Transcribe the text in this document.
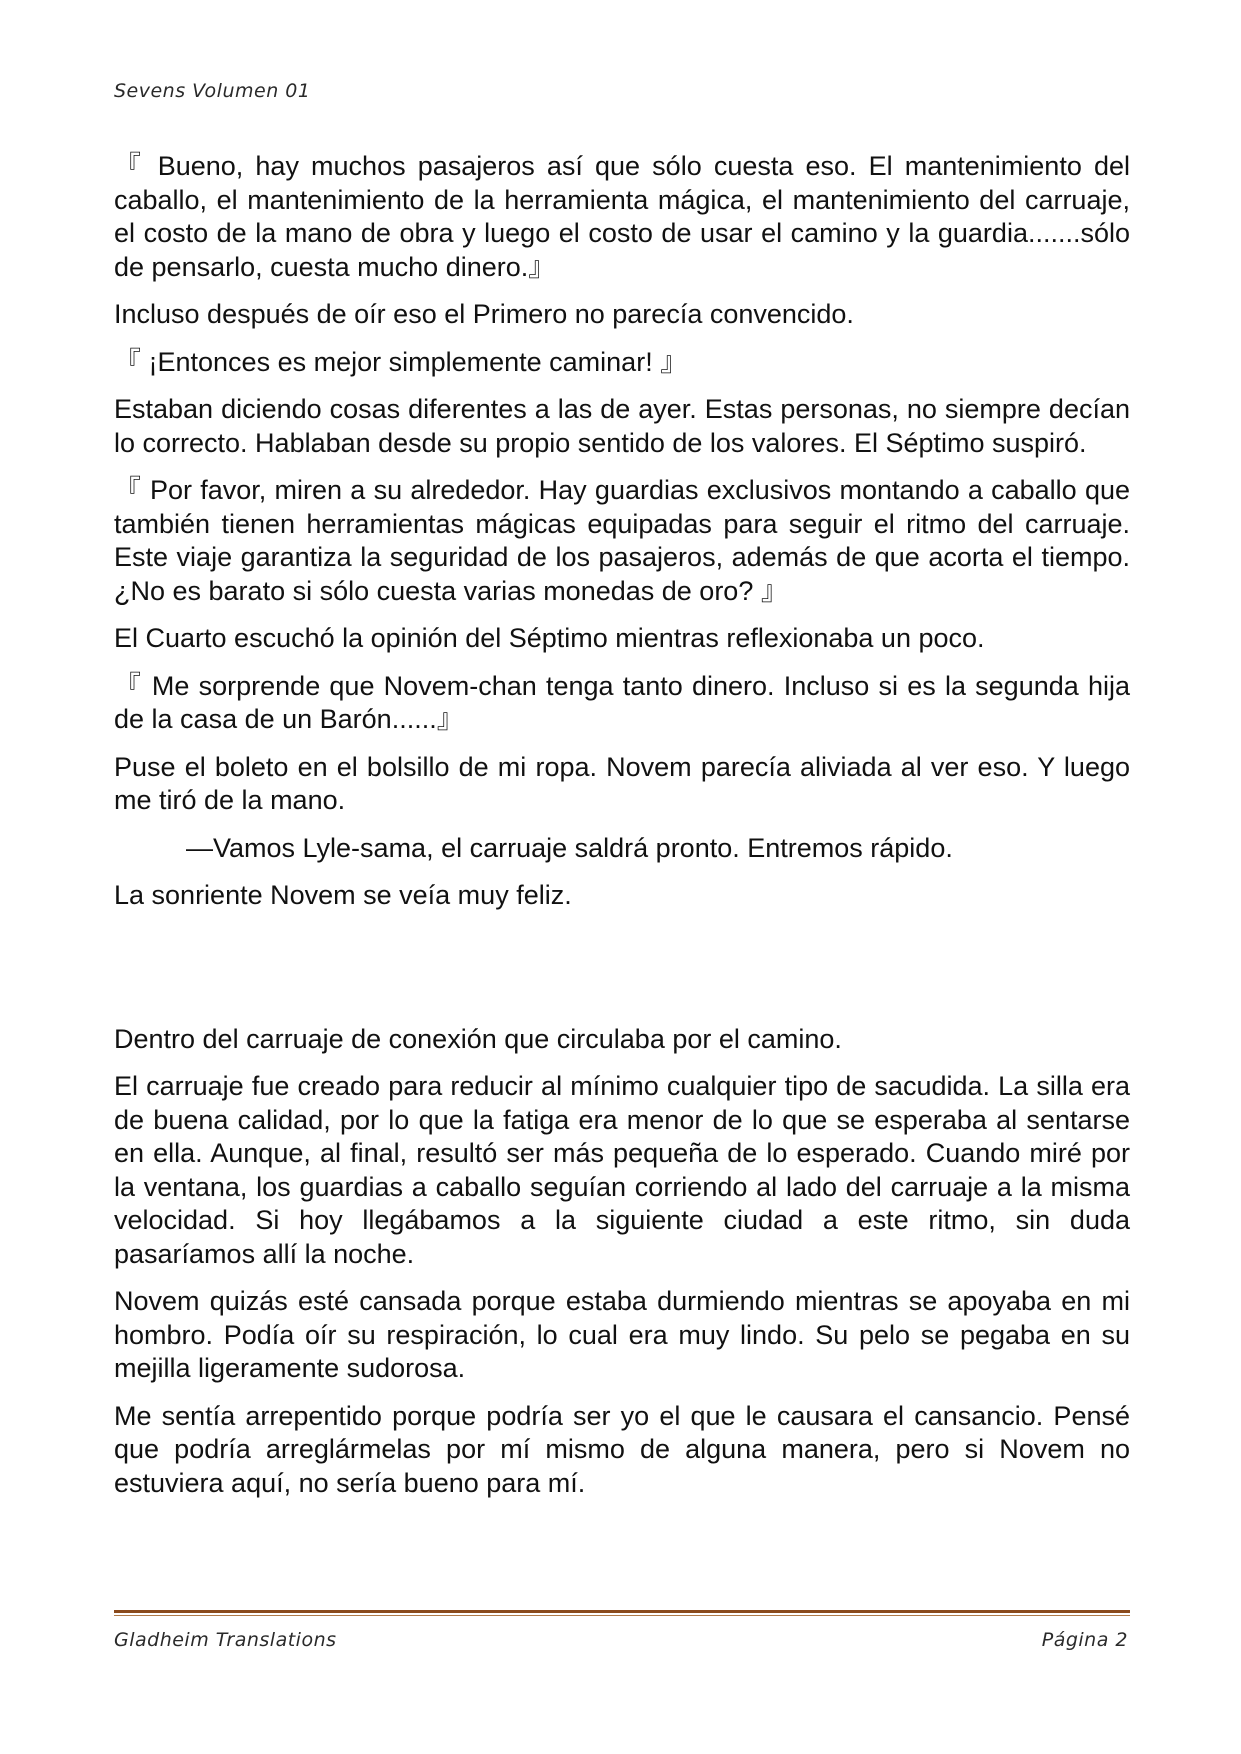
Sevens Volumen 01

『 Bueno, hay muchos pasajeros así que sólo cuesta eso. El mantenimiento del caballo, el mantenimiento de la herramienta mágica, el mantenimiento del carruaje, el costo de la mano de obra y luego el costo de usar el camino y la guardia.......sólo de pensarlo, cuesta mucho dinero.』

Incluso después de oír eso el Primero no parecía convencido.

『 ¡Entonces es mejor simplemente caminar! 』

Estaban diciendo cosas diferentes a las de ayer. Estas personas, no siempre decían lo correcto. Hablaban desde su propio sentido de los valores. El Séptimo suspiró.

『 Por favor, miren a su alrededor. Hay guardias exclusivos montando a caballo que también tienen herramientas mágicas equipadas para seguir el ritmo del carruaje. Este viaje garantiza la seguridad de los pasajeros, además de que acorta el tiempo. ¿No es barato si sólo cuesta varias monedas de oro? 』

El Cuarto escuchó la opinión del Séptimo mientras reflexionaba un poco.

『 Me sorprende que Novem-chan tenga tanto dinero. Incluso si es la segunda hija de la casa de un Barón......』

Puse el boleto en el bolsillo de mi ropa. Novem parecía aliviada al ver eso. Y luego me tiró de la mano.

—Vamos Lyle-sama, el carruaje saldrá pronto. Entremos rápido.

La sonriente Novem se veía muy feliz.

Dentro del carruaje de conexión que circulaba por el camino.

El carruaje fue creado para reducir al mínimo cualquier tipo de sacudida. La silla era de buena calidad, por lo que la fatiga era menor de lo que se esperaba al sentarse en ella. Aunque, al final, resultó ser más pequeña de lo esperado. Cuando miré por la ventana, los guardias a caballo seguían corriendo al lado del carruaje a la misma velocidad. Si hoy llegábamos a la siguiente ciudad a este ritmo, sin duda pasaríamos allí la noche.

Novem quizás esté cansada porque estaba durmiendo mientras se apoyaba en mi hombro. Podía oír su respiración, lo cual era muy lindo. Su pelo se pegaba en su mejilla ligeramente sudorosa.

Me sentía arrepentido porque podría ser yo el que le causara el cansancio. Pensé que podría arreglármelas por mí mismo de alguna manera, pero si Novem no estuviera aquí, no sería bueno para mí.

Gladheim Translations	Página 2
